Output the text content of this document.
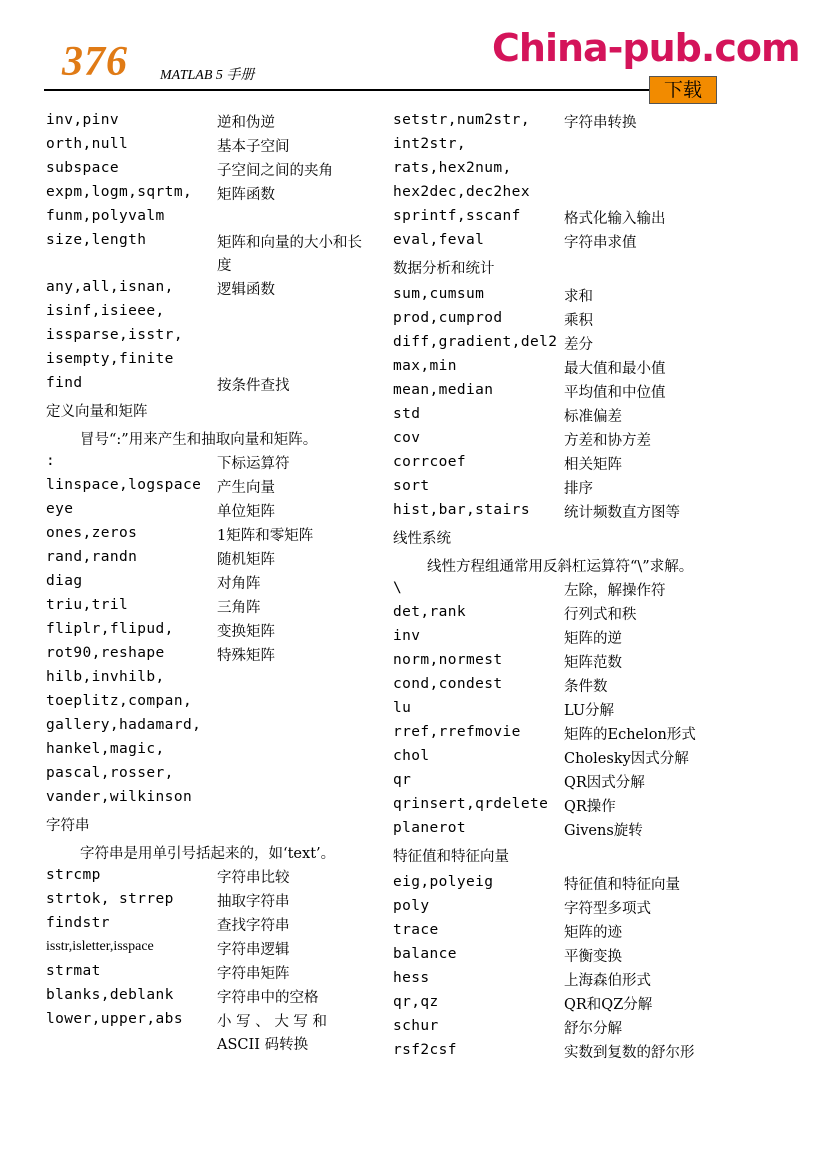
376 MATLAB 5 手册
China-pub.com
下载
inv,pinv	逆和伪逆
orth,null	基本子空间
subspace	子空间之间的夹角
expm,logm,sqrtm, 矩阵函数
funm,polyvalm
size,length	矩阵和向量的大小和长度
any,all,isnan,	逻辑函数
isinf,isieee,
issparse,isstr,
isempty,finite
find	按条件查找
定义向量和矩阵
冒号“:”用来产生和抽取向量和矩阵。
:	下标运算符
linspace,logspace 产生向量
eye	单位矩阵
ones,zeros	1矩阵和零矩阵
rand,randn	随机矩阵
diag	对角阵
triu,tril	三角阵
fliplr,flipud,	变换矩阵
rot90,reshape	特殊矩阵
hilb,invhilb,
toeplitz,compan,
gallery,hadamard,
hankel,magic,
pascal,rosser,
vander,wilkinson
字符串
字符串是用单引号括起来的，如‘text’。
strcmp	字符串比较
strtok, strrep	抽取字符串
findstr	查找字符串
isstr,isletter,isspace	字符串逻辑
strmat	字符串矩阵
blanks,deblank	字符串中的空格
lower,upper,abs 小 写 、 大 写 和 ASCII 码转换
setstr,num2str, 字符串转换
int2str,
rats,hex2num,
hex2dec,dec2hex
sprintf,sscanf	格式化输入输出
eval,feval	字符串求值
数据分析和统计
sum,cumsum	求和
prod,cumprod	乘积
diff,gradient,del2 差分
max,min	最大值和最小值
mean,median	平均值和中位值
std	标准偏差
cov	方差和协方差
corrcoef	相关矩阵
sort	排序
hist,bar,stairs 统计频数直方图等
线性系统
线性方程组通常用反斜杠运算符“\”求解。
\	左除，解操作符
det,rank	行列式和秩
inv	矩阵的逆
norm,normest	矩阵范数
cond,condest	条件数
lu	LU分解
rref,rrefmovie	矩阵的Echelon形式
chol	Cholesky因式分解
qr	QR因式分解
qrinsert,qrdelete QR操作
planerot	Givens旋转
特征值和特征向量
eig,polyeig	特征值和特征向量
poly	字符型多项式
trace	矩阵的迹
balance	平衡变换
hess	上海森伯形式
qr,qz	QR和QZ分解
schur	舒尔分解
rsf2csf	实数到复数的舒尔形
